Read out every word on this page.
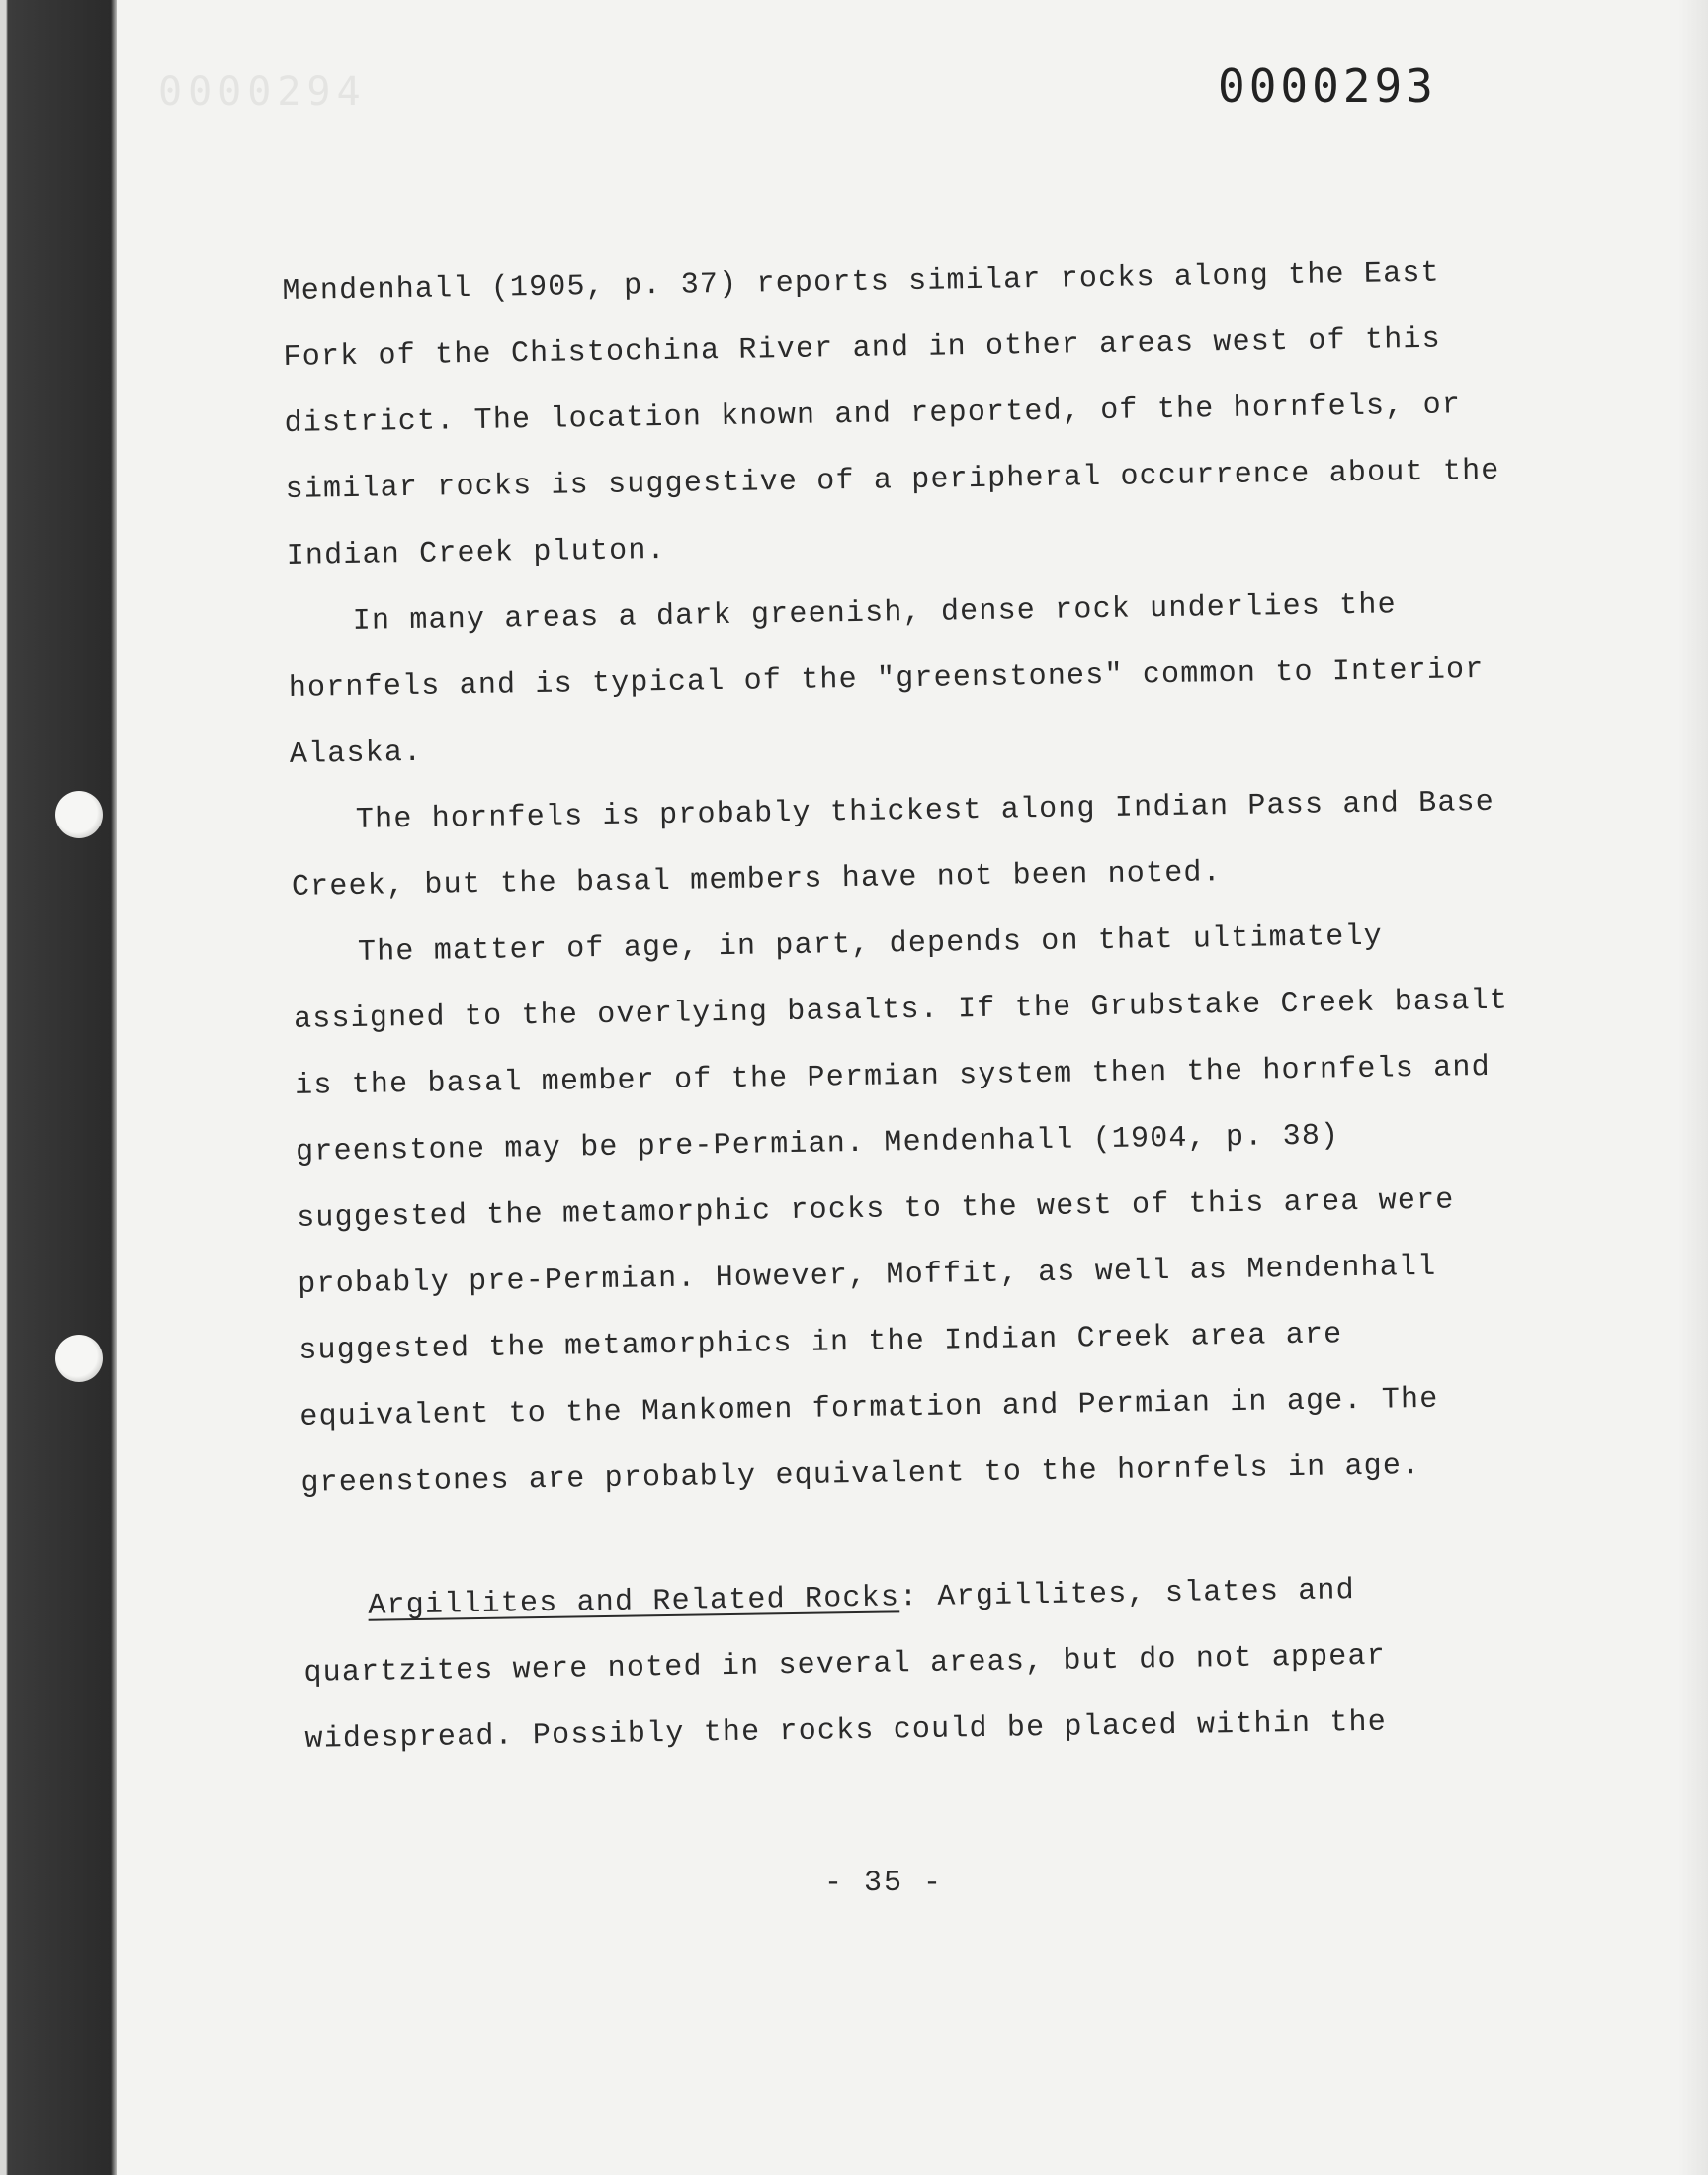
0000294	0000293

Mendenhall (1905, p. 37) reports similar rocks along the East Fork of the Chistochina River and in other areas west of this district. The location known and reported, of the hornfels, or similar rocks is suggestive of a peripheral occurrence about the Indian Creek pluton.

In many areas a dark greenish, dense rock underlies the hornfels and is typical of the "greenstones" common to Interior Alaska.

The hornfels is probably thickest along Indian Pass and Base Creek, but the basal members have not been noted.

The matter of age, in part, depends on that ultimately assigned to the overlying basalts. If the Grubstake Creek basalt is the basal member of the Permian system then the hornfels and greenstone may be pre-Permian. Mendenhall (1904, p. 38) suggested the metamorphic rocks to the west of this area were probably pre-Permian. However, Moffit, as well as Mendenhall suggested the metamorphics in the Indian Creek area are equivalent to the Mankomen formation and Permian in age. The greenstones are probably equivalent to the hornfels in age.

Argillites and Related Rocks: Argillites, slates and quartzites were noted in several areas, but do not appear widespread. Possibly the rocks could be placed within the

- 35 -
